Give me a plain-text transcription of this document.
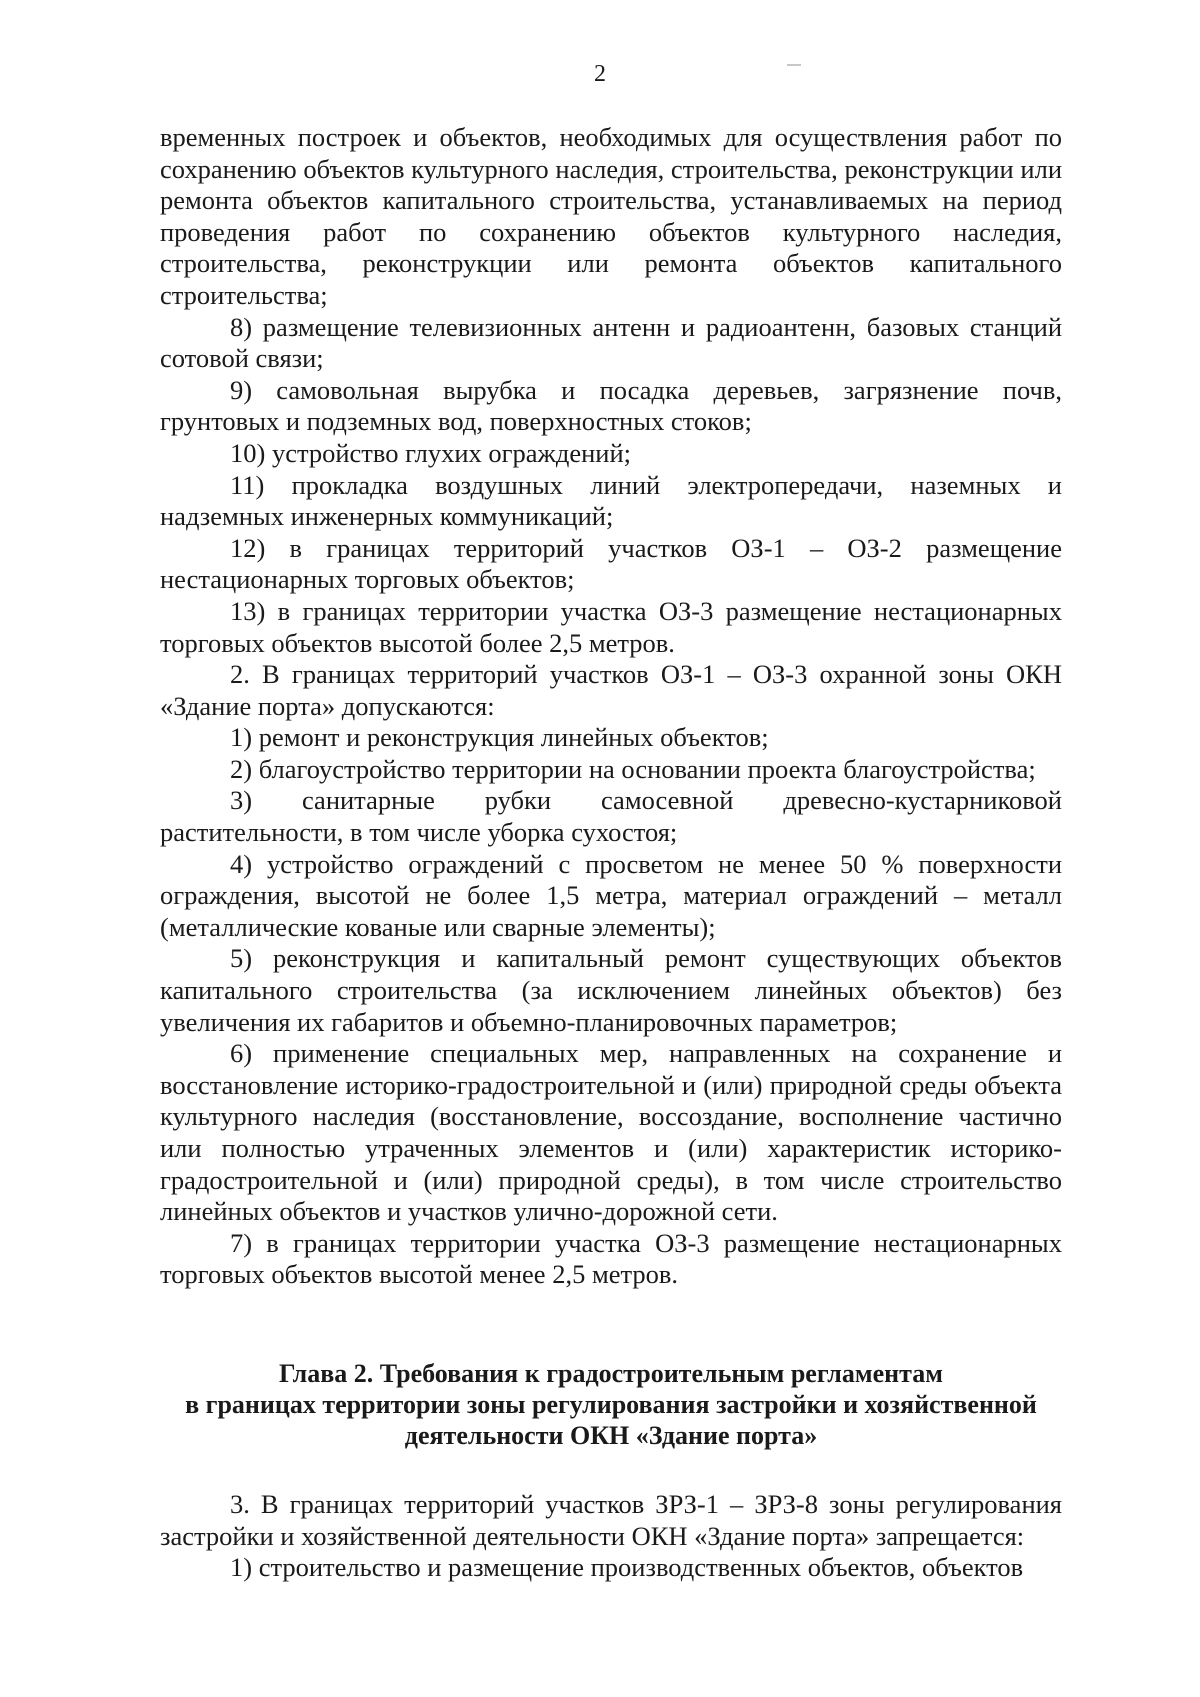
2

временных построек и объектов, необходимых для осуществления работ по сохранению объектов культурного наследия, строительства, реконструкции или ремонта объектов капитального строительства, устанавливаемых на период проведения работ по сохранению объектов культурного наследия, строительства, реконструкции или ремонта объектов капитального строительства;

8) размещение телевизионных антенн и радиоантенн, базовых станций сотовой связи;

9) самовольная вырубка и посадка деревьев, загрязнение почв, грунтовых и подземных вод, поверхностных стоков;

10) устройство глухих ограждений;

11) прокладка воздушных линий электропередачи, наземных и надземных инженерных коммуникаций;

12) в границах территорий участков ОЗ-1 – ОЗ-2 размещение нестационарных торговых объектов;

13) в границах территории участка ОЗ-3 размещение нестационарных торговых объектов высотой более 2,5 метров.

2. В границах территорий участков ОЗ-1 – ОЗ-3 охранной зоны ОКН «Здание порта» допускаются:

1) ремонт и реконструкция линейных объектов;

2) благоустройство территории на основании проекта благоустройства;

3) санитарные рубки самосевной древесно-кустарниковой растительности, в том числе уборка сухостоя;

4) устройство ограждений с просветом не менее 50 % поверхности ограждения, высотой не более 1,5 метра, материал ограждений – металл (металлические кованые или сварные элементы);

5) реконструкция и капитальный ремонт существующих объектов капитального строительства (за исключением линейных объектов) без увеличения их габаритов и объемно-планировочных параметров;

6) применение специальных мер, направленных на сохранение и восстановление историко-градостроительной и (или) природной среды объекта культурного наследия (восстановление, воссоздание, восполнение частично или полностью утраченных элементов и (или) характеристик историко-градостроительной и (или) природной среды), в том числе строительство линейных объектов и участков улично-дорожной сети.

7) в границах территории участка ОЗ-3 размещение нестационарных торговых объектов высотой менее 2,5 метров.

Глава 2. Требования к градостроительным регламентам
в границах территории зоны регулирования застройки и хозяйственной
деятельности ОКН «Здание порта»

3. В границах территорий участков ЗРЗ-1 – ЗРЗ-8 зоны регулирования застройки и хозяйственной деятельности ОКН «Здание порта» запрещается:

1) строительство и размещение производственных объектов, объектов
